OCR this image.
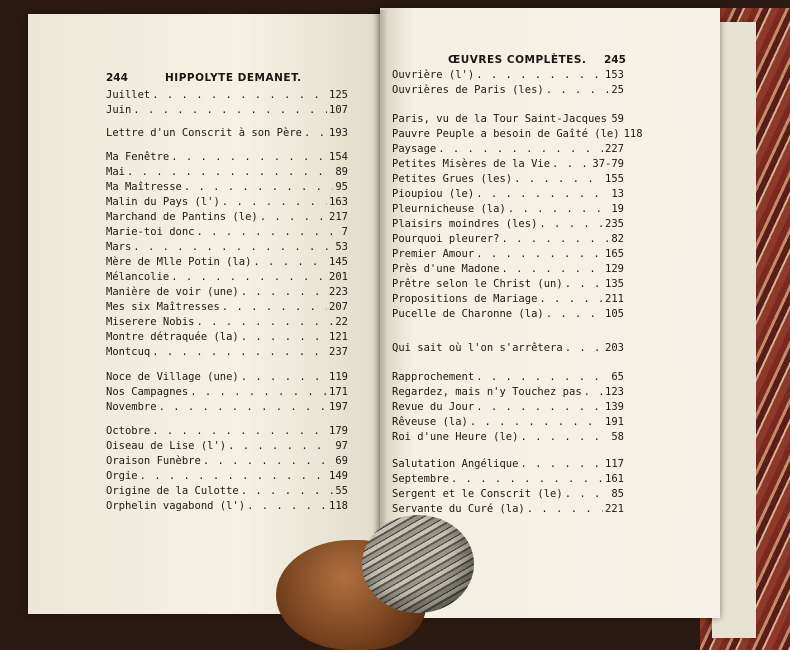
244	HIPPOLYTE DEMANET.
ŒUVRES COMPLÈTES. 245
Juillet . . .	125
Juin . . .	107
Lettre d'un Conscrit à son Père . . .	193
Ma Fenêtre . . .	154
Mai . . .	89
Ma Maîtresse . . .	95
Malin du Pays (l') . . .	163
Marchand de Pantins (le) . . .	217
Marie-toi donc . . .	7
Mars . . .	53
Mère de Mlle Potin (la) . . .	145
Mélancolie . . .	201
Manière de voir (une) . . .	223
Mes six Maîtresses . . .	207
Miserere Nobis . . .	22
Montre détraquée (la) . . .	121
Montcuq . . .	237
Noce de Village (une) . . .	119
Nos Campagnes . . .	171
Novembre . . .	197
Octobre . . .	179
Oiseau de Lise (l') . . .	97
Oraison Funèbre . . .	69
Orgie . . .	149
Origine de la Culotte . . .	55
Orphelin vagabond (l') . . .	118
Ouvrière (l') . . .	153
Ouvrières de Paris (les) . . .	25
Paris, vu de la Tour Saint-Jacques . . . 59
Pauvre Peuple a besoin de Gaîté (le) 118
Paysage . . .	227
Petites Misères de la Vie . . .	37-79
Petites Grues (les) . . .	155
Pioupiou (le) . . .	13
Pleurnicheuse (la) . . .	19
Plaisirs moindres (les) . . .	235
Pourquoi pleurer? . . .	82
Premier Amour . . .	165
Près d'une Madone . . .	129
Prêtre selon le Christ (un) . . .	135
Propositions de Mariage . . .	211
Pucelle de Charonne (la) . . .	105
Qui sait où l'on s'arrêtera . . .	203
Rapprochement . . .	65
Regardez, mais n'y Touchez pas . . . 123
Revue du Jour . . .	139
Rêveuse (la) . . .	191
Roi d'une Heure (le) . . .	58
Salutation Angélique . . .	117
Septembre . . .	161
Sergent et le Conscrit (le) . . .	85
Servante du Curé (la) . . .	221
